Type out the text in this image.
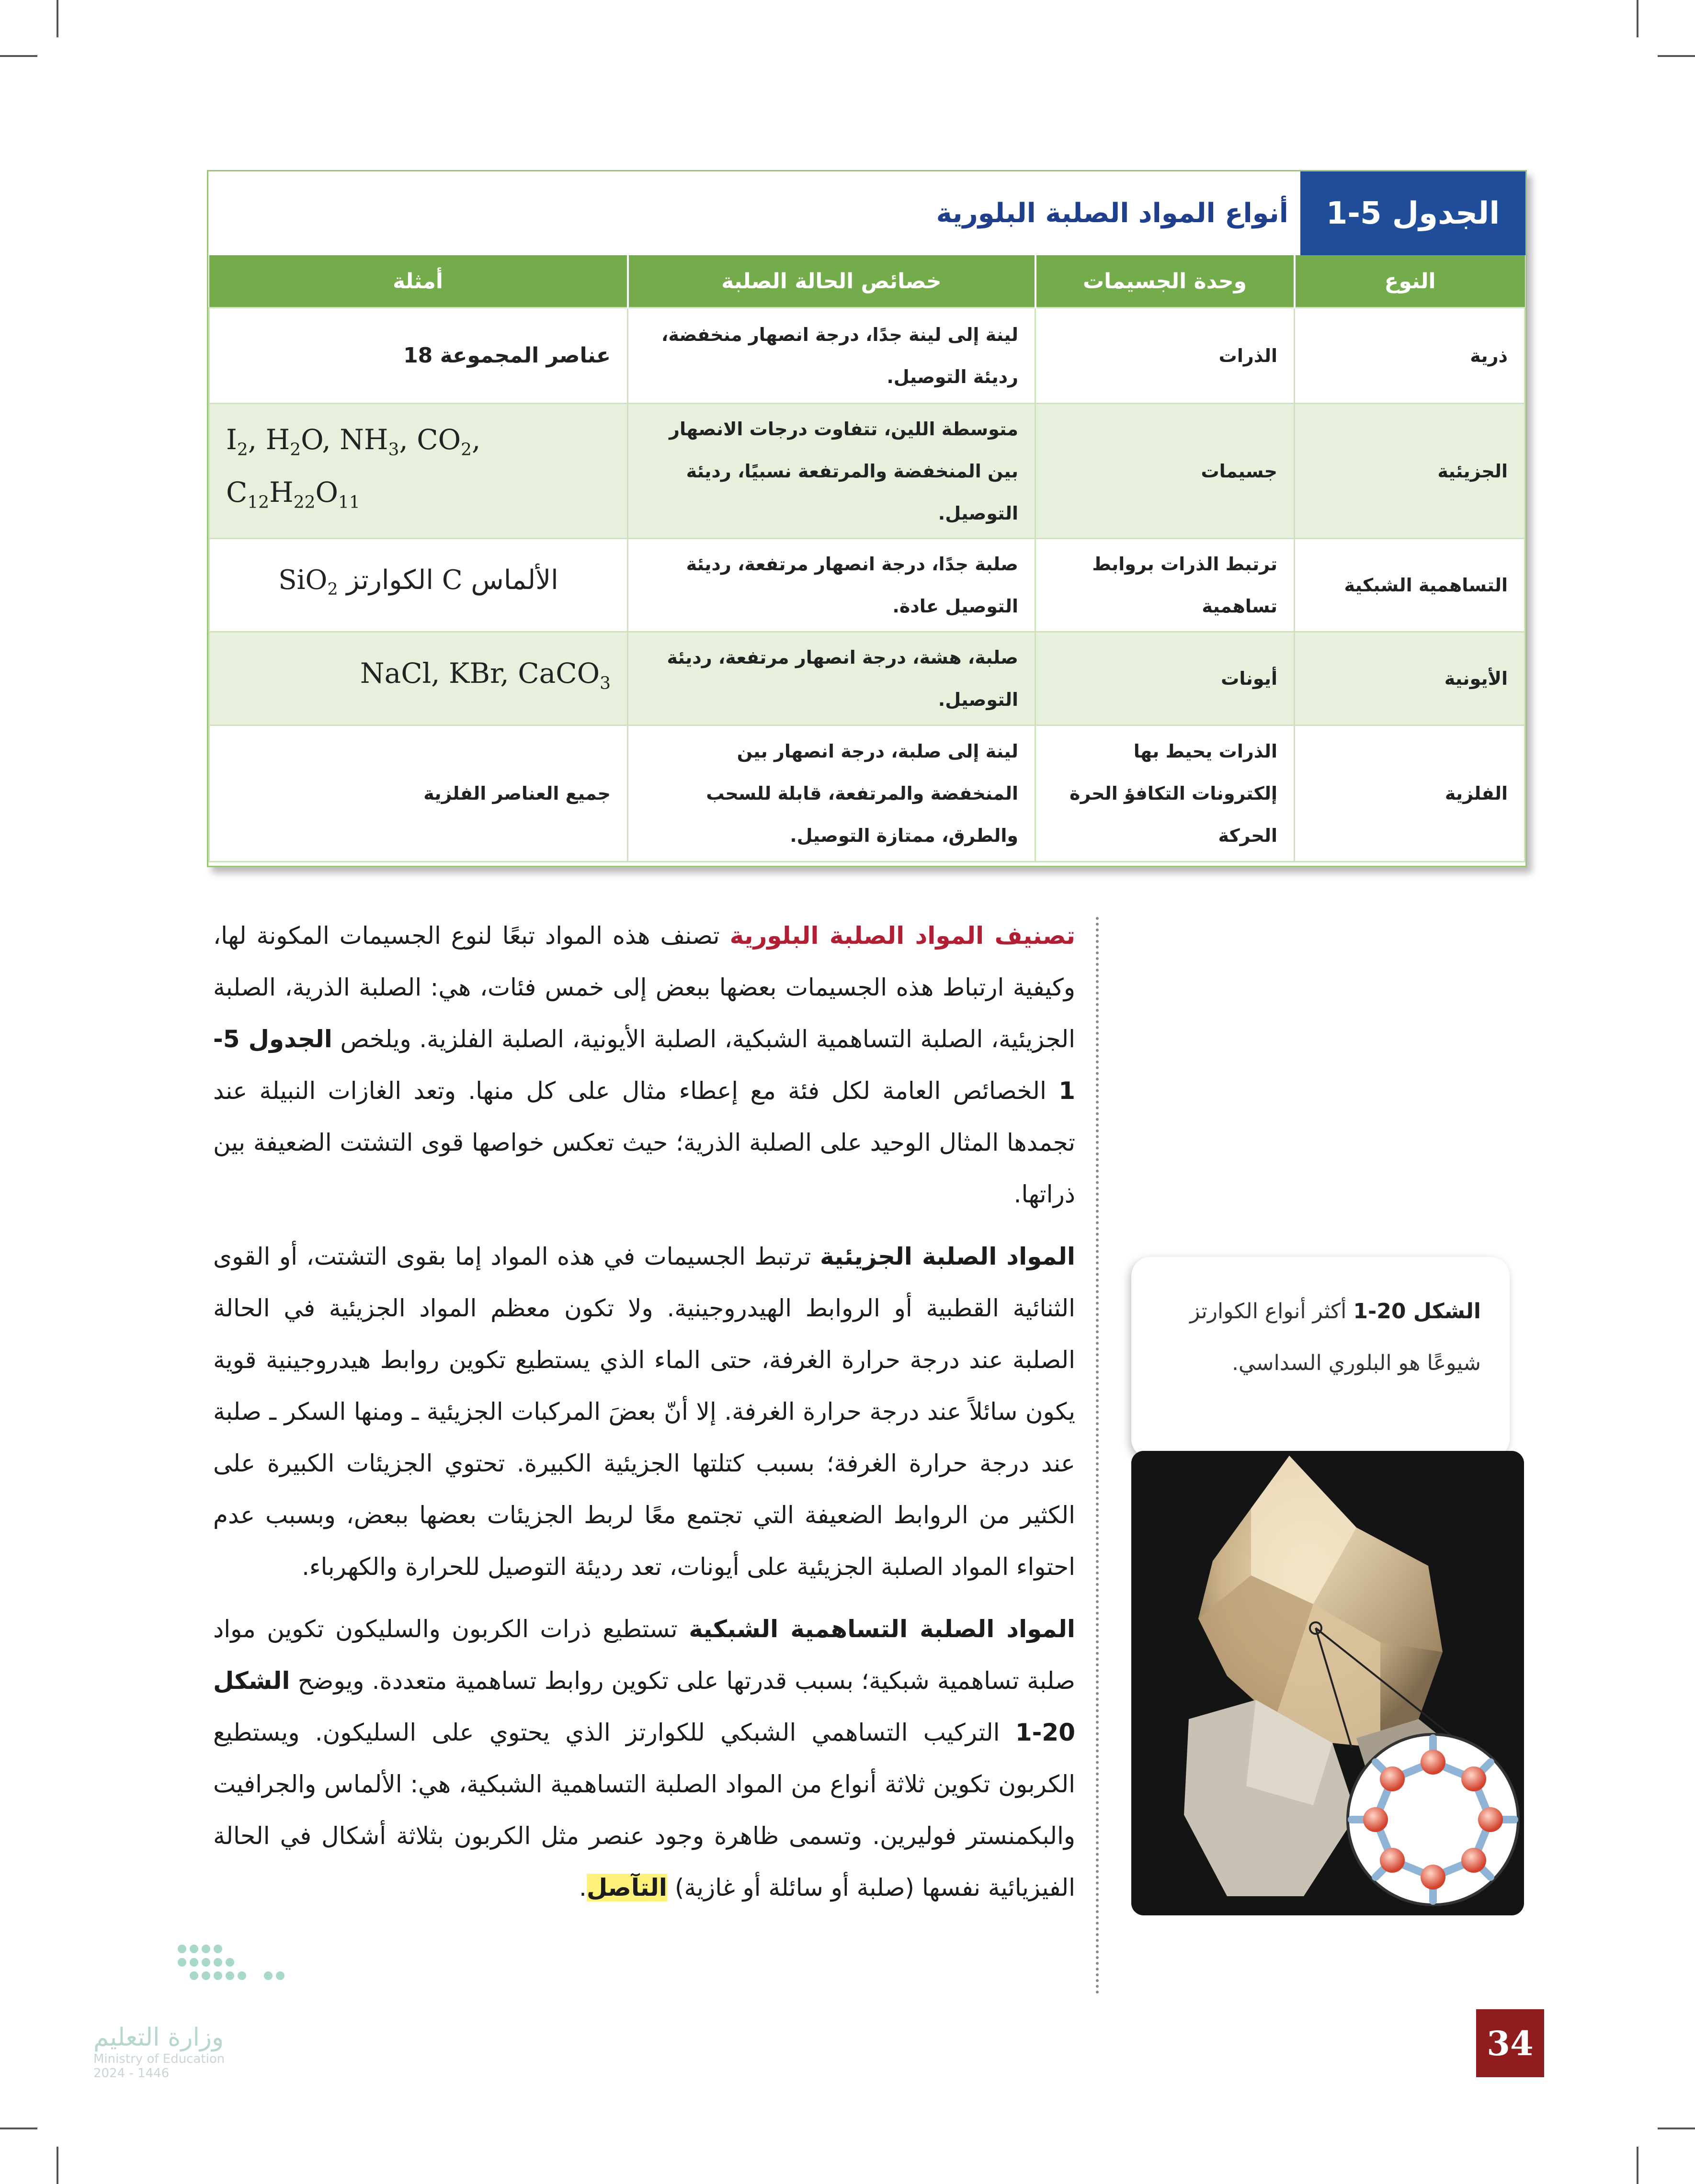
الجدول 5-1
أنواع المواد الصلبة البلورية
النوع	وحدة الجسيمات	خصائص الحالة الصلبة	أمثلة
ذرية	الذرات	لينة إلى لينة جدًا، درجة انصهار منخفضة، رديئة التوصيل.	عناصر المجموعة 18
الجزيئية	جسيمات	متوسطة اللين، تتفاوت درجات الانصهار بين المنخفضة والمرتفعة نسبيًا، رديئة التوصيل.	$I_2$, $H_2O$, $NH_3$, $CO_2$, $C_{12}H_{22}O_{11}$

التساهمية الشبكية	ترتبط الذرات بروابط تساهمية	صلبة جدًا، درجة انصهار مرتفعة، رديئة التوصيل عادة.	الألماس C الكوارتز SiO$_2$
الأيونية	أيونات	صلبة، هشة، درجة انصهار مرتفعة، رديئة التوصيل.	NaCl, KBr, CaCO$_3$

الفلزية	الذرات يحيط بها إلكترونات التكافؤ الحرة الحركة	لينة إلى صلبة، درجة انصهار بين المنخفضة والمرتفعة، قابلة للسحب والطرق، ممتازة التوصيل.	جميع العناصر الفلزية

تصنيف المواد الصلبة البلورية تصنف هذه المواد تبعًا لنوع الجسيمات المكونة لها، وكيفية ارتباط هذه الجسيمات بعضها ببعض إلى خمس فئات، هي: الصلبة الذرية، الصلبة الجزيئية، الصلبة التساهمية الشبكية، الصلبة الأيونية، الصلبة الفلزية. ويلخص الجدول 5-1 الخصائص العامة لكل فئة مع إعطاء مثال على كل منها. وتعد الغازات النبيلة عند تجمدها المثال الوحيد على الصلبة الذرية؛ حيث تعكس خواصها قوى التشتت الضعيفة بين ذراتها.

المواد الصلبة الجزيئية ترتبط الجسيمات في هذه المواد إما بقوى التشتت، أو القوى الثنائية القطبية أو الروابط الهيدروجينية. ولا تكون معظم المواد الجزيئية في الحالة الصلبة عند درجة حرارة الغرفة، حتى الماء الذي يستطيع تكوين روابط هيدروجينية قوية يكون سائلاً عند درجة حرارة الغرفة. إلا أنّ بعضَ المركبات الجزيئية ـ ومنها السكر ـ صلبة عند درجة حرارة الغرفة؛ بسبب كتلتها الجزيئية الكبيرة. تحتوي الجزيئات الكبيرة على الكثير من الروابط الضعيفة التي تجتمع معًا لربط الجزيئات بعضها ببعض، وبسبب عدم احتواء المواد الصلبة الجزيئية على أيونات، تعد رديئة التوصيل للحرارة والكهرباء.

المواد الصلبة التساهمية الشبكية تستطيع ذرات الكربون والسليكون تكوين مواد صلبة تساهمية شبكية؛ بسبب قدرتها على تكوين روابط تساهمية متعددة. ويوضح الشكل 20-1 التركيب التساهمي الشبكي للكوارتز الذي يحتوي على السليكون. ويستطيع الكربون تكوين ثلاثة أنواع من المواد الصلبة التساهمية الشبكية، هي: الألماس والجرافيت والبكمنستر فوليرين. وتسمى ظاهرة وجود عنصر مثل الكربون بثلاثة أشكال في الحالة الفيزيائية نفسها (صلبة أو سائلة أو غازية) التآصل.

الشكل 20-1 أكثر أنواع الكوارتز شيوعًا هو البلوري السداسي.
34
وزارة التعليم
Ministry of Education
2024 - 1446
